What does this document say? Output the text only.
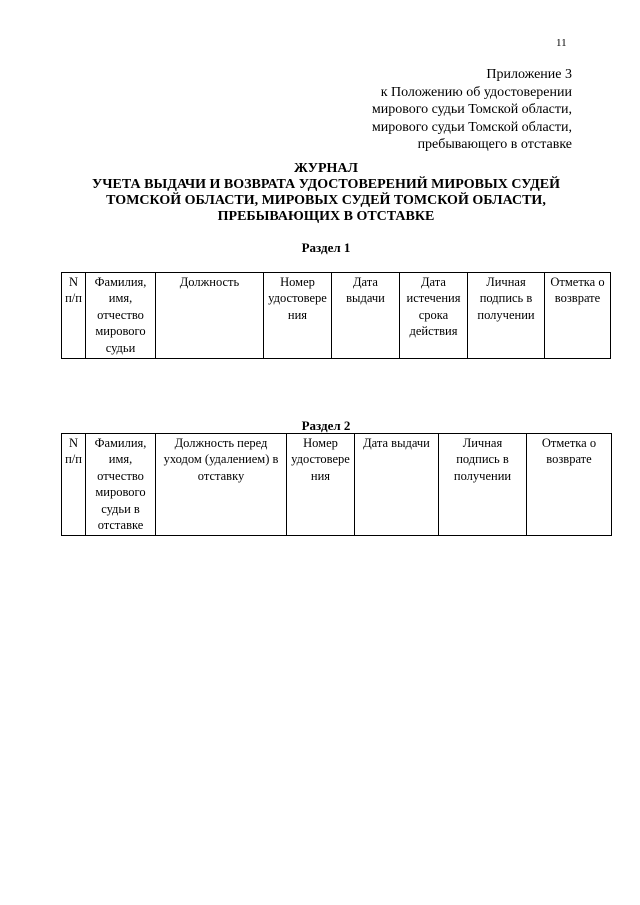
11
Приложение 3
к Положению об удостоверении
мирового судьи Томской области,
мирового судьи Томской области,
пребывающего в отставке
ЖУРНАЛ
УЧЕТА ВЫДАЧИ И ВОЗВРАТА УДОСТОВЕРЕНИЙ МИРОВЫХ СУДЕЙ
ТОМСКОЙ ОБЛАСТИ, МИРОВЫХ СУДЕЙ ТОМСКОЙ ОБЛАСТИ,
ПРЕБЫВАЮЩИХ В ОТСТАВКЕ
Раздел 1
N п/п	Фамилия, имя, отчество мирового судьи	Должность	Номер удостовере ния	Дата выдачи	Дата истечения срока действия	Личная подпись в получении	Отметка о возврате
Раздел 2
N п/п	Фамилия, имя, отчество мирового судьи в отставке	Должность перед уходом (удалением) в отставку	Номер удостовере ния	Дата выдачи	Личная подпись в получении	Отметка о возврате
